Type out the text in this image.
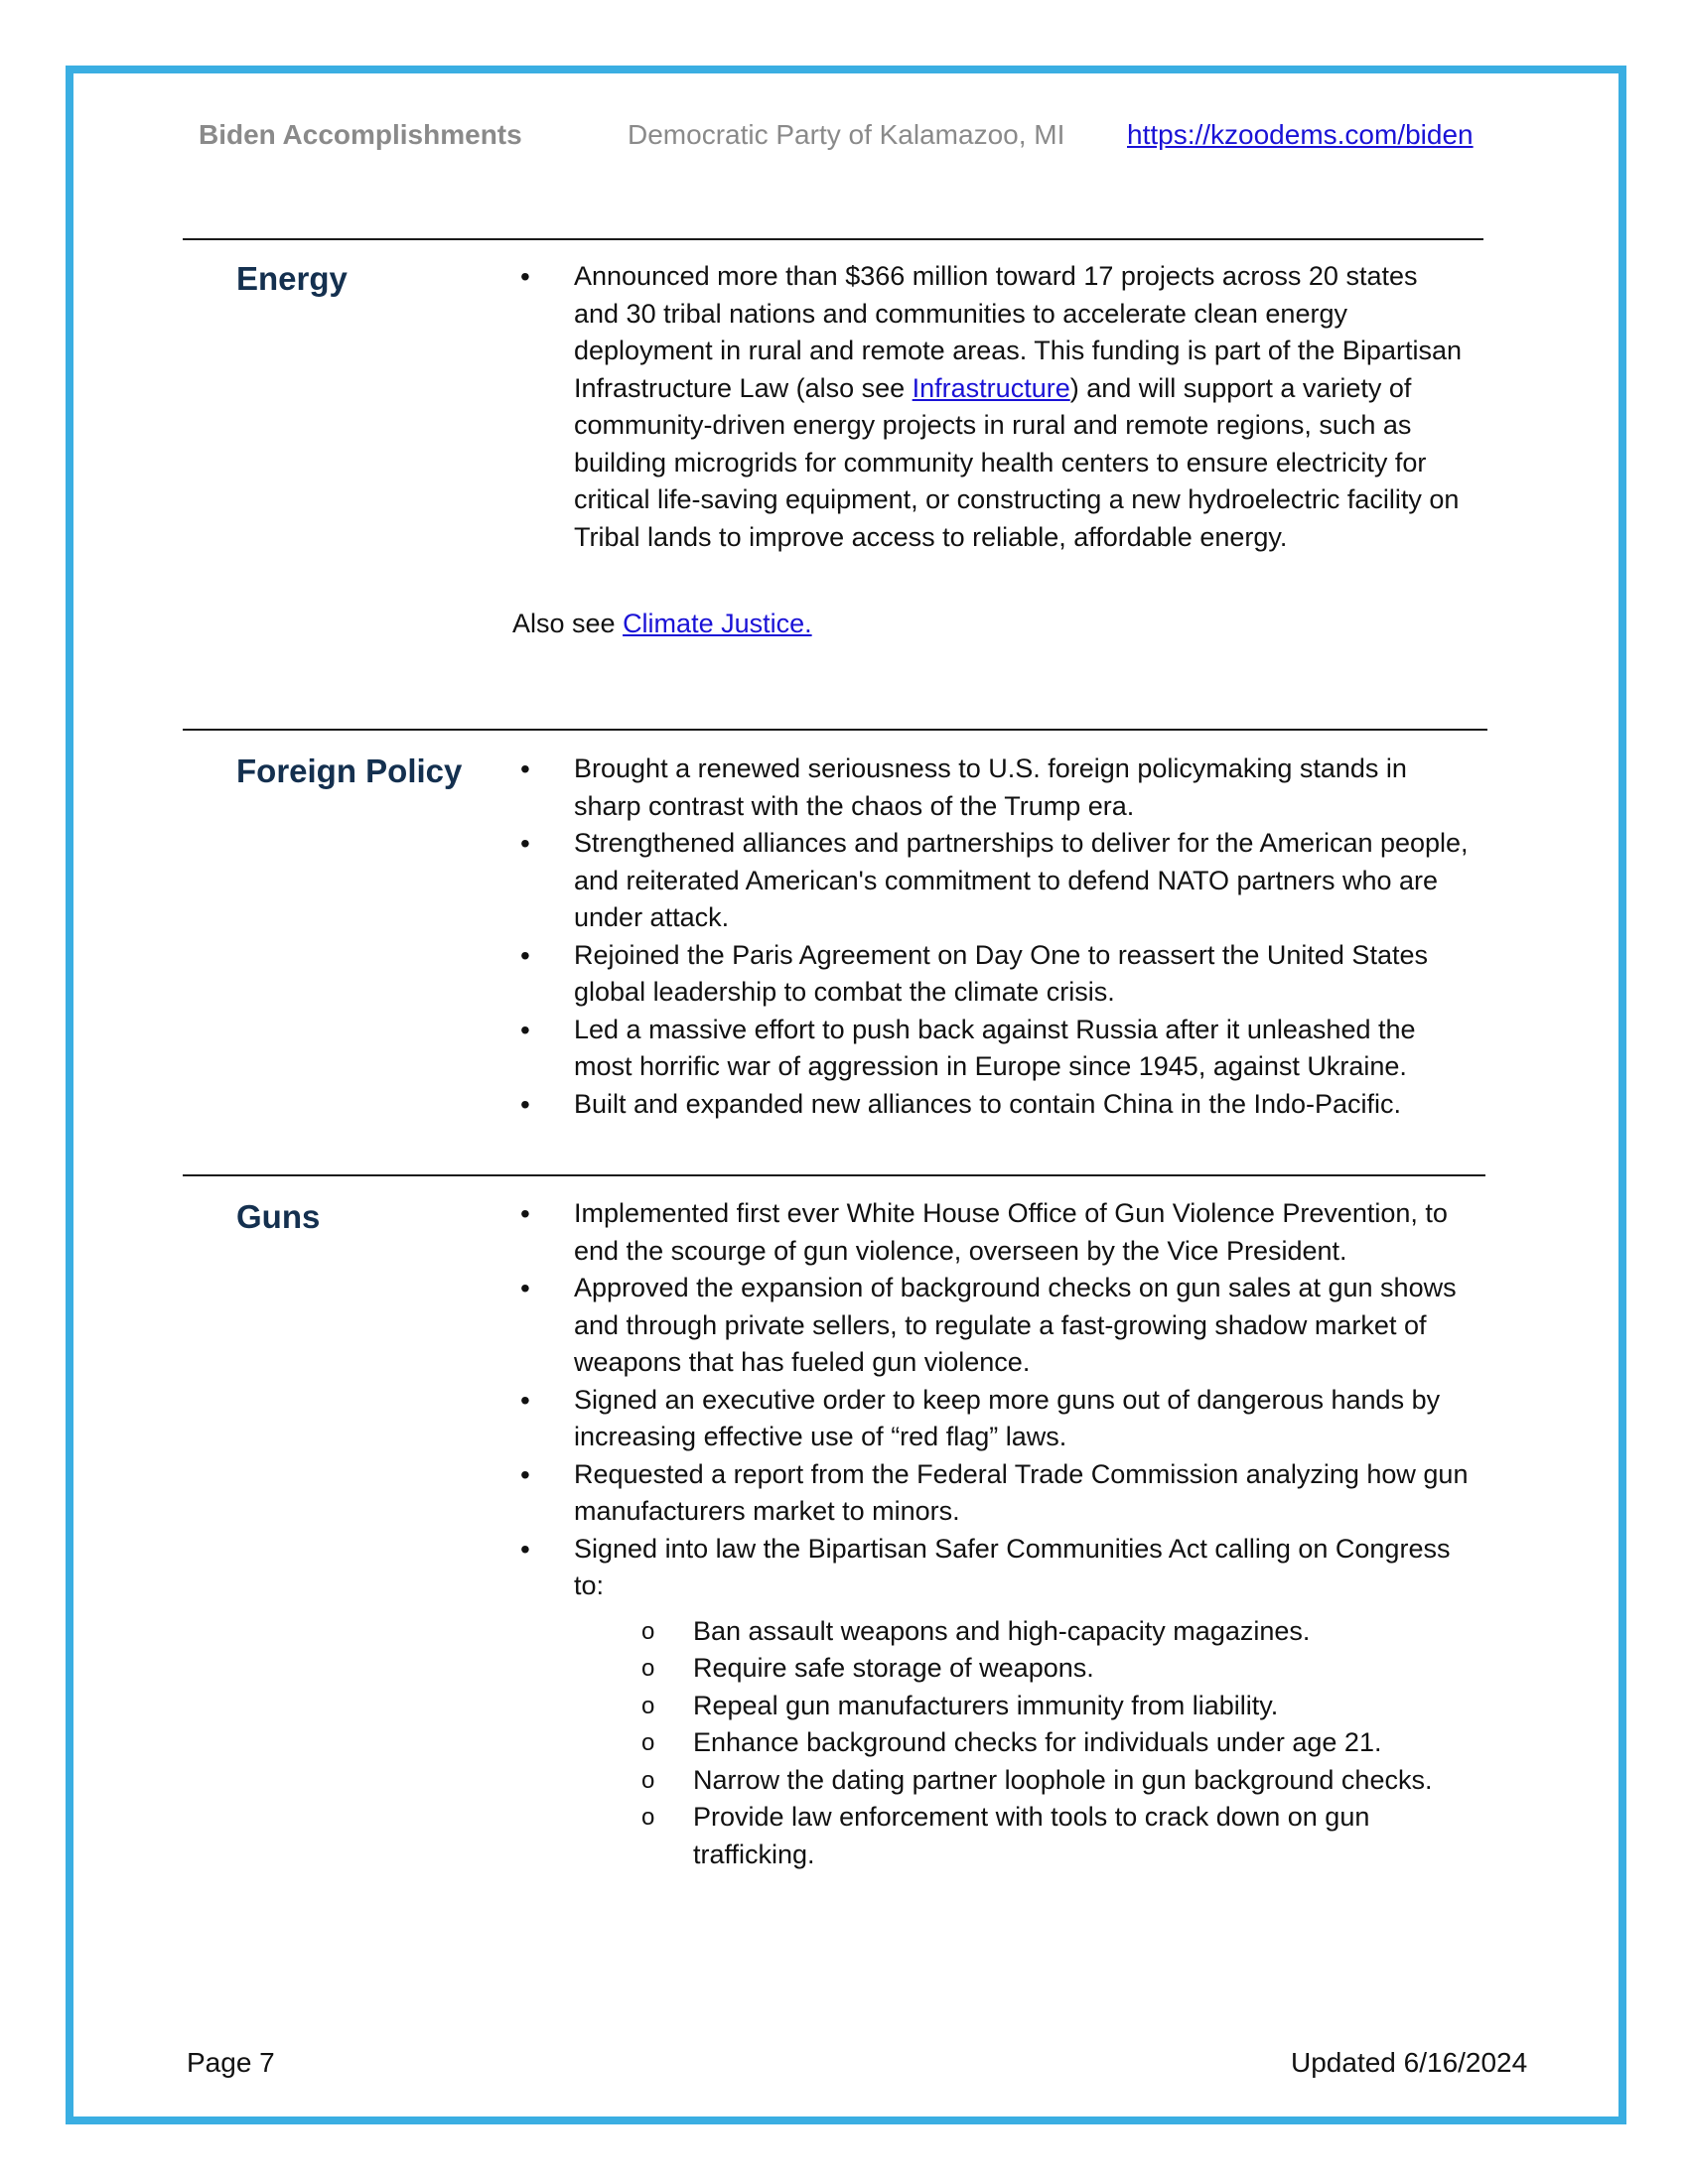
Biden Accomplishments	Democratic Party of Kalamazoo, MI https://kzoodems.com/biden
Energy	• Announced more than $366 million toward 17 projects across 20 states and 30 tribal nations and communities to accelerate clean energy deployment in rural and remote areas. This funding is part of the Bipartisan Infrastructure Law (also see Infrastructure) and will support a variety of community-driven energy projects in rural and remote regions, such as building microgrids for community health centers to ensure electricity for critical life-saving equipment, or constructing a new hydroelectric facility on Tribal lands to improve access to reliable, affordable energy.
Also see Climate Justice.
Foreign Policy	• Brought a renewed seriousness to U.S. foreign policymaking stands in sharp contrast with the chaos of the Trump era.
• Strengthened alliances and partnerships to deliver for the American people, and reiterated American's commitment to defend NATO partners who are under attack.
• Rejoined the Paris Agreement on Day One to reassert the United States global leadership to combat the climate crisis.
• Led a massive effort to push back against Russia after it unleashed the most horrific war of aggression in Europe since 1945, against Ukraine.
• Built and expanded new alliances to contain China in the Indo-Pacific.
Guns	• Implemented first ever White House Office of Gun Violence Prevention, to end the scourge of gun violence, overseen by the Vice President.
• Approved the expansion of background checks on gun sales at gun shows and through private sellers, to regulate a fast-growing shadow market of weapons that has fueled gun violence.
• Signed an executive order to keep more guns out of dangerous hands by increasing effective use of “red flag” laws.
• Requested a report from the Federal Trade Commission analyzing how gun manufacturers market to minors.
• Signed into law the Bipartisan Safer Communities Act calling on Congress to:
o Ban assault weapons and high-capacity magazines.
o Require safe storage of weapons.
o Repeal gun manufacturers immunity from liability.
o Enhance background checks for individuals under age 21.
o Narrow the dating partner loophole in gun background checks.
o Provide law enforcement with tools to crack down on gun trafficking.
Page 7	Updated 6/16/2024
